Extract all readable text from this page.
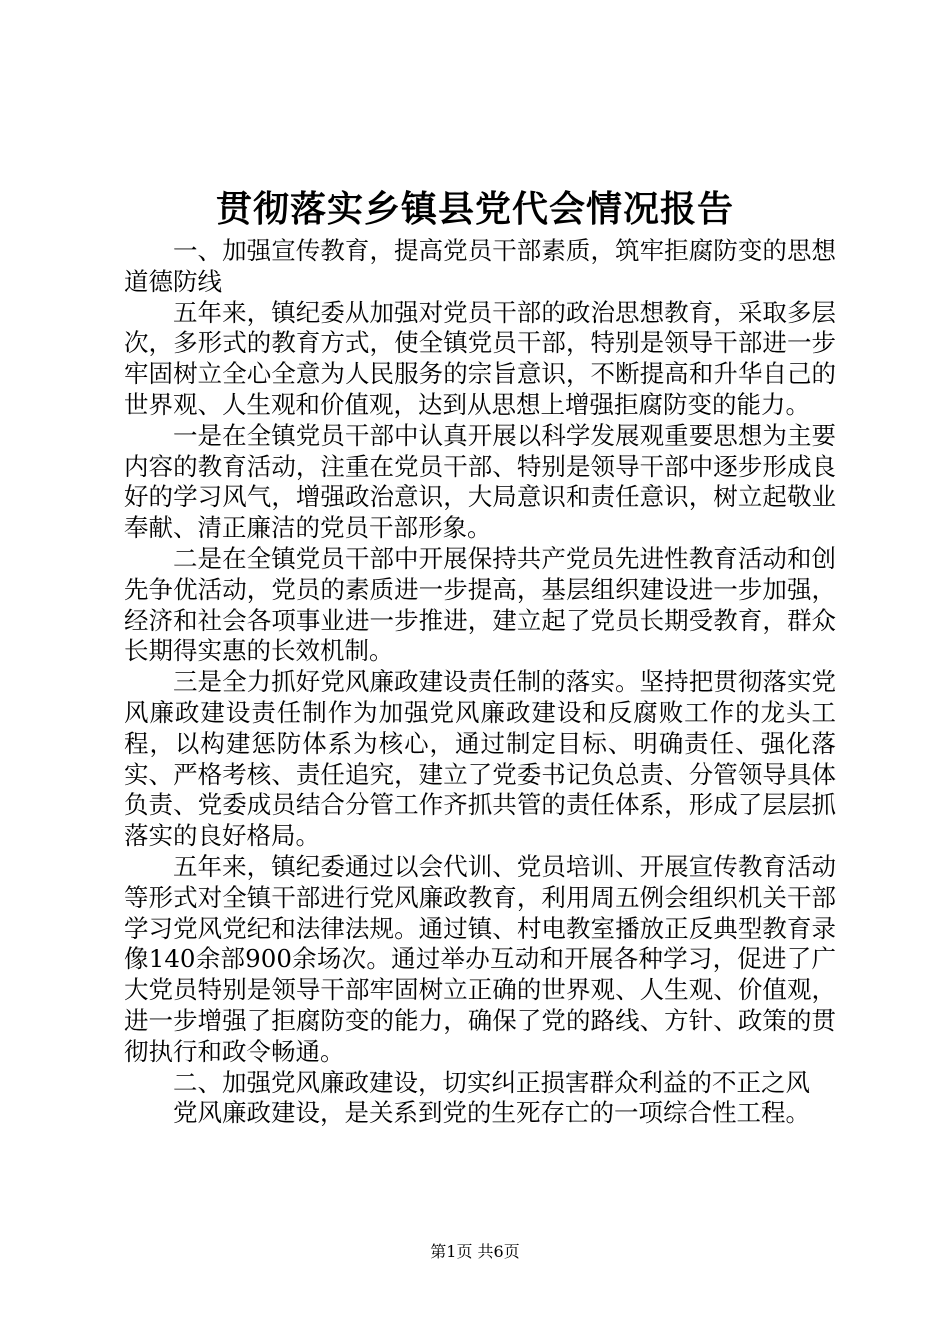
贯彻落实乡镇县党代会情况报告

一、加强宣传教育，提高党员干部素质，筑牢拒腐防变的思想道德防线

五年来，镇纪委从加强对党员干部的政治思想教育，采取多层次，多形式的教育方式，使全镇党员干部，特别是领导干部进一步牢固树立全心全意为人民服务的宗旨意识，不断提高和升华自己的世界观、人生观和价值观，达到从思想上增强拒腐防变的能力。

一是在全镇党员干部中认真开展以科学发展观重要思想为主要内容的教育活动，注重在党员干部、特别是领导干部中逐步形成良好的学习风气，增强政治意识，大局意识和责任意识，树立起敬业奉献、清正廉洁的党员干部形象。

二是在全镇党员干部中开展保持共产党员先进性教育活动和创先争优活动，党员的素质进一步提高，基层组织建设进一步加强，经济和社会各项事业进一步推进，建立起了党员长期受教育，群众长期得实惠的长效机制。

三是全力抓好党风廉政建设责任制的落实。坚持把贯彻落实党风廉政建设责任制作为加强党风廉政建设和反腐败工作的龙头工程，以构建惩防体系为核心，通过制定目标、明确责任、强化落实、严格考核、责任追究，建立了党委书记负总责、分管领导具体负责、党委成员结合分管工作齐抓共管的责任体系，形成了层层抓落实的良好格局。

五年来，镇纪委通过以会代训、党员培训、开展宣传教育活动等形式对全镇干部进行党风廉政教育，利用周五例会组织机关干部学习党风党纪和法律法规。通过镇、村电教室播放正反典型教育录像140余部900余场次。通过举办互动和开展各种学习，促进了广大党员特别是领导干部牢固树立正确的世界观、人生观、价值观，进一步增强了拒腐防变的能力，确保了党的路线、方针、政策的贯彻执行和政令畅通。

二、加强党风廉政建设，切实纠正损害群众利益的不正之风

党风廉政建设，是关系到党的生死存亡的一项综合性工程。

第1页 共6页
